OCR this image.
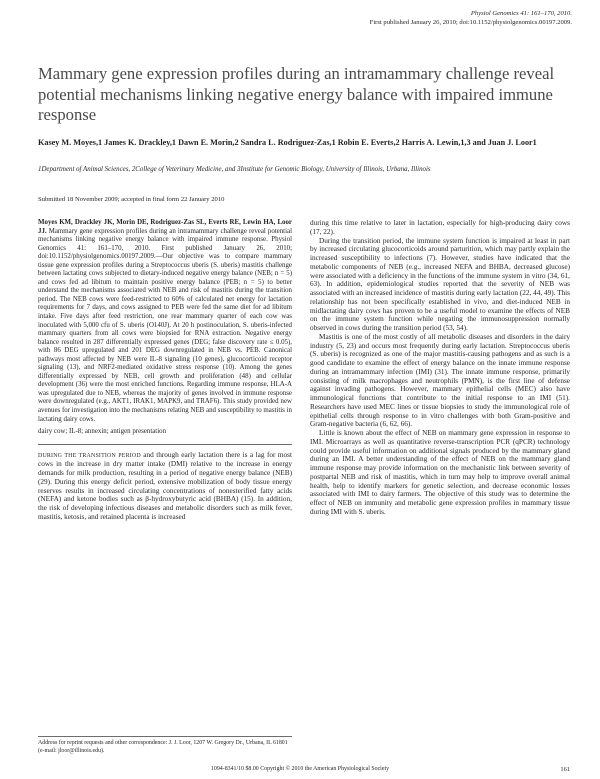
Physiol Genomics 41: 161–170, 2010.
First published January 26, 2010; doi:10.1152/physiolgenomics.00197.2009.
Mammary gene expression profiles during an intramammary challenge reveal potential mechanisms linking negative energy balance with impaired immune response
Kasey M. Moyes,1 James K. Drackley,1 Dawn E. Morin,2 Sandra L. Rodriguez-Zas,1 Robin E. Everts,2 Harris A. Lewin,1,3 and Juan J. Loor1
1Department of Animal Sciences, 2College of Veterinary Medicine, and 3Institute for Genomic Biology, University of Illinois, Urbana, Illinois
Submitted 18 November 2009; accepted in final form 22 January 2010

Moyes KM, Drackley JK, Morin DE, Rodriguez-Zas SL, Everts RE, Lewin HA, Loor JJ. Mammary gene expression profiles during an intramammary challenge reveal potential mechanisms linking negative energy balance with impaired immune response. Physiol Genomics 41: 161–170, 2010. First published January 26, 2010; doi:10.1152/physiolgenomics.00197.2009.—Our objective was to compare mammary tissue gene expression profiles during a Streptococcus uberis (S. uberis) mastitis challenge between lactating cows subjected to dietary-induced negative energy balance (NEB; n = 5) and cows fed ad libitum to maintain positive energy balance (PEB; n = 5) to better understand the mechanisms associated with NEB and risk of mastitis during the transition period. The NEB cows were feed-restricted to 60% of calculated net energy for lactation requirements for 7 days, and cows assigned to PEB were fed the same diet for ad libitum intake. Five days after feed restriction, one rear mammary quarter of each cow was inoculated with 5,000 cfu of S. uberis (O140J). At 20 h postinoculation, S. uberis-infected mammary quarters from all cows were biopsied for RNA extraction. Negative energy balance resulted in 287 differentially expressed genes (DEG; false discovery rate ≤ 0.05), with 86 DEG upregulated and 201 DEG downregulated in NEB vs. PEB. Canonical pathways most affected by NEB were IL-8 signaling (10 genes), glucocorticoid receptor signaling (13), and NRF2-mediated oxidative stress response (10). Among the genes differentially expressed by NEB, cell growth and proliferation (48) and cellular development (36) were the most enriched functions. Regarding immune response, HLA-A was upregulated due to NEB, whereas the majority of genes involved in immune response were downregulated (e.g., AKT1, IRAK1, MAPK9, and TRAF6). This study provided new avenues for investigation into the mechanisms relating NEB and susceptibility to mastitis in lactating dairy cows.

dairy cow; IL-8; annexin; antigen presentation

DURING THE TRANSITION PERIOD and through early lactation there is a lag for most cows in the increase in dry matter intake (DMI) relative to the increase in energy demands for milk production, resulting in a period of negative energy balance (NEB) (29). During this energy deficit period, extensive mobilization of body tissue energy reserves results in increased circulating concentrations of nonesterified fatty acids (NEFA) and ketone bodies such as β-hydroxybutyric acid (BHBA) (15). In addition, the risk of developing infectious diseases and metabolic disorders such as milk fever, mastitis, ketosis, and retained placenta is increased

during this time relative to later in lactation, especially for high-producing dairy cows (17, 22).

During the transition period, the immune system function is impaired at least in part by increased circulating glucocorticoids around parturition, which may partly explain the increased susceptibility to infections (7). However, studies have indicated that the metabolic components of NEB (e.g., increased NEFA and BHBA, decreased glucose) were associated with a deficiency in the functions of the immune system in vitro (34, 61, 63). In addition, epidemiological studies reported that the severity of NEB was associated with an increased incidence of mastitis during early lactation (22, 44, 49). This relationship has not been specifically established in vivo, and diet-induced NEB in midlactating dairy cows has proven to be a useful model to examine the effects of NEB on the immune system function while negating the immunosuppression normally observed in cows during the transition period (53, 54).

Mastitis is one of the most costly of all metabolic diseases and disorders in the dairy industry (5, 23) and occurs most frequently during early lactation. Streptococcus uberis (S. uberis) is recognized as one of the major mastitis-causing pathogens and as such is a good candidate to examine the effect of energy balance on the innate immune response during an intramammary infection (IMI) (31). The innate immune response, primarily consisting of milk macrophages and neutrophils (PMN), is the first line of defense against invading pathogens. However, mammary epithelial cells (MEC) also have immunological functions that contribute to the initial response to an IMI (51). Researchers have used MEC lines or tissue biopsies to study the immunological role of epithelial cells through response to in vitro challenges with both Gram-positive and Gram-negative bacteria (6, 62, 66).

Little is known about the effect of NEB on mammary gene expression in response to IMI. Microarrays as well as quantitative reverse-transcription PCR (qPCR) technology could provide useful information on additional signals produced by the mammary gland during an IMI. A better understanding of the effect of NEB on the mammary gland immune response may provide information on the mechanistic link between severity of postpartal NEB and risk of mastitis, which in turn may help to improve overall animal health, help to identify markers for genetic selection, and decrease economic losses associated with IMI to dairy farmers. The objective of this study was to determine the effect of NEB on immunity and metabolic gene expression profiles in mammary tissue during IMI with S. uberis.

Address for reprint requests and other correspondence: J. J. Loor, 1207 W. Gregory Dr., Urbana, IL 61801 (e-mail: jloor@illinois.edu).
1094-8341/10 $8.00 Copyright © 2010 the American Physiological Society	161
